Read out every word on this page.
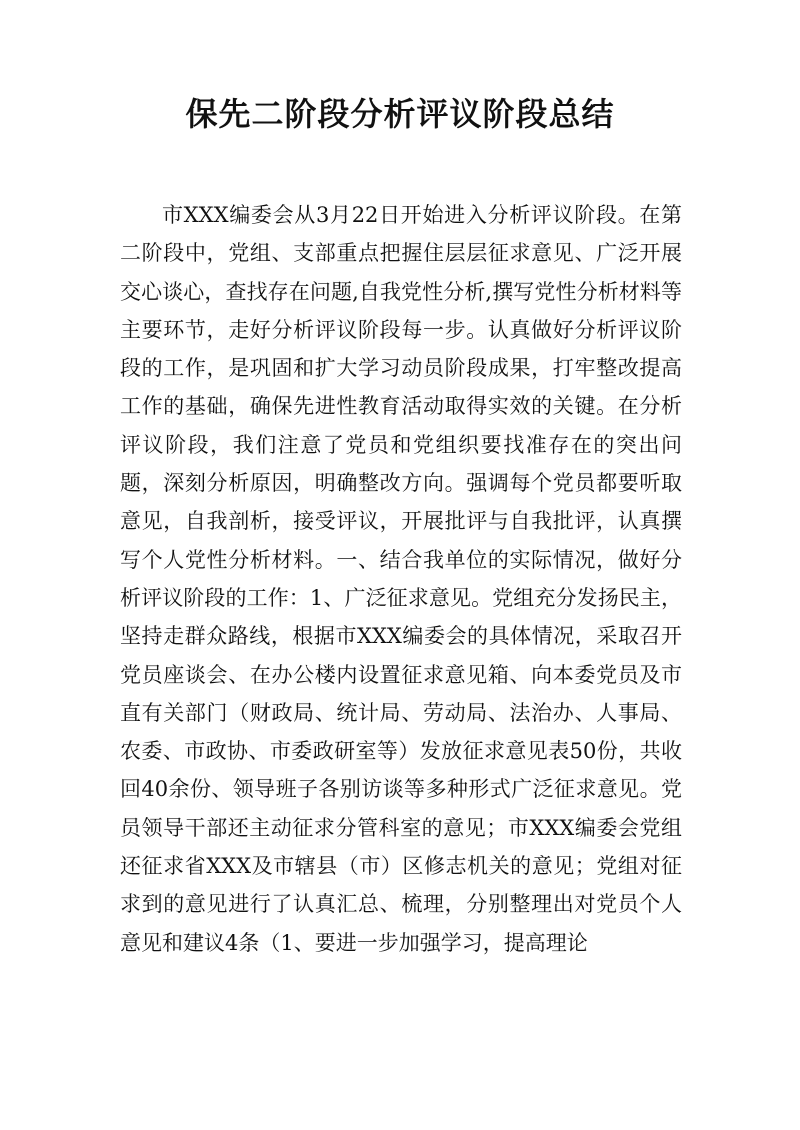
保先二阶段分析评议阶段总结

市XXX编委会从3月22日开始进入分析评议阶段。在第二阶段中，党组、支部重点把握住层层征求意见、广泛开展交心谈心，查找存在问题,自我党性分析,撰写党性分析材料等主要环节，走好分析评议阶段每一步。认真做好分析评议阶段的工作，是巩固和扩大学习动员阶段成果，打牢整改提高工作的基础，确保先进性教育活动取得实效的关键。在分析评议阶段，我们注意了党员和党组织要找准存在的突出问题，深刻分析原因，明确整改方向。强调每个党员都要听取意见，自我剖析，接受评议，开展批评与自我批评，认真撰写个人党性分析材料。一、结合我单位的实际情况，做好分析评议阶段的工作：1、广泛征求意见。党组充分发扬民主，坚持走群众路线，根据市XXX编委会的具体情况，采取召开党员座谈会、在办公楼内设置征求意见箱、向本委党员及市直有关部门（财政局、统计局、劳动局、法治办、人事局、农委、市政协、市委政研室等）发放征求意见表50份，共收回40余份、领导班子各别访谈等多种形式广泛征求意见。党员领导干部还主动征求分管科室的意见；市XXX编委会党组还征求省XXX及市辖县（市）区修志机关的意见；党组对征求到的意见进行了认真汇总、梳理，分别整理出对党员个人意见和建议4条（1、要进一步加强学习，提高理论
